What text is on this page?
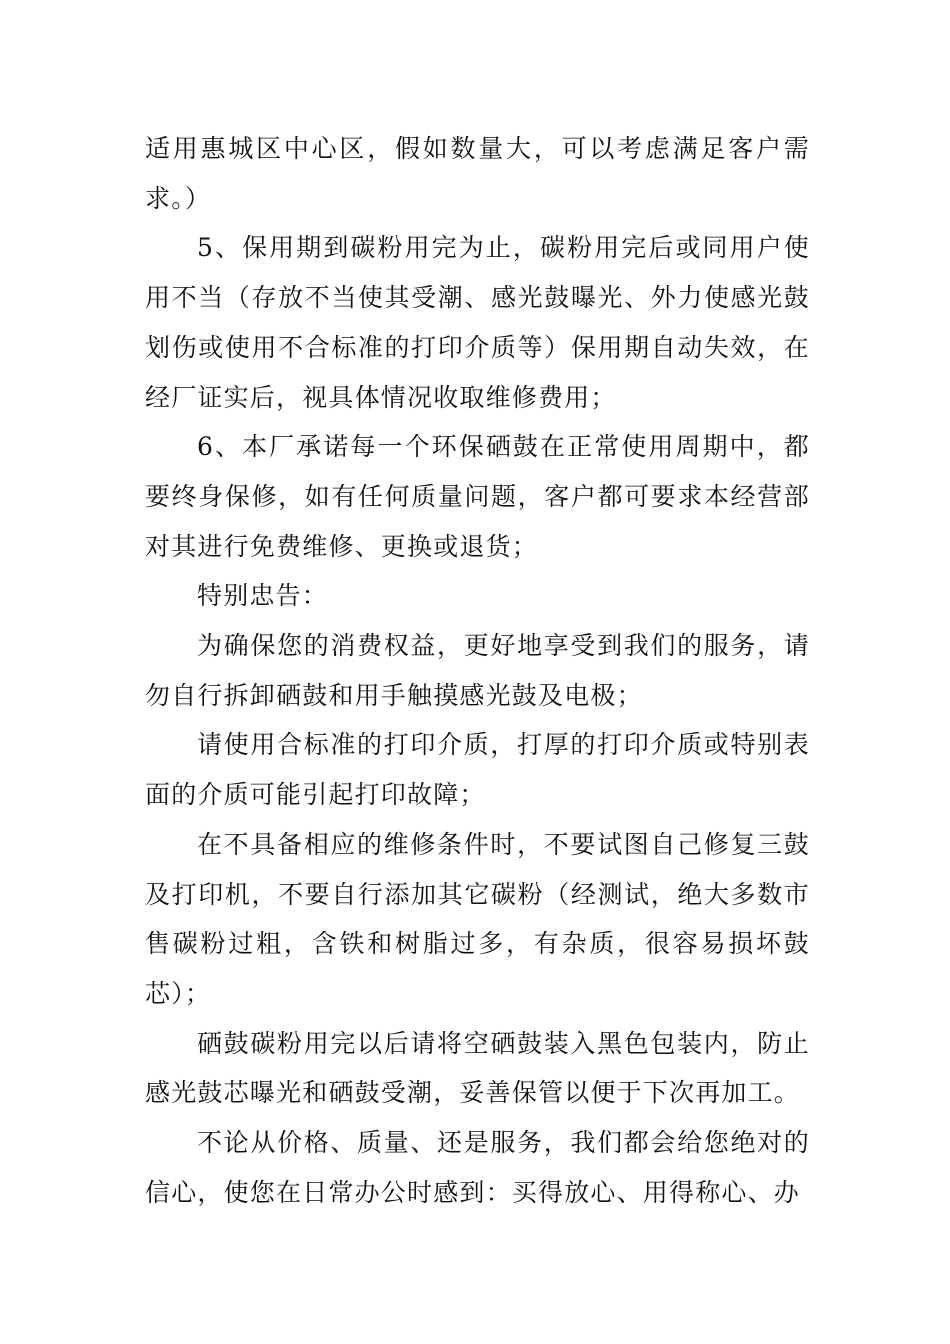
适用惠城区中心区，假如数量大，可以考虑满足客户需求。）

5、保用期到碳粉用完为止，碳粉用完后或同用户使用不当（存放不当使其受潮、感光鼓曝光、外力使感光鼓划伤或使用不合标准的打印介质等）保用期自动失效，在经厂证实后，视具体情况收取维修费用；

6、本厂承诺每一个环保硒鼓在正常使用周期中，都要终身保修，如有任何质量问题，客户都可要求本经营部对其进行免费维修、更换或退货；

特别忠告：

为确保您的消费权益，更好地享受到我们的服务，请勿自行拆卸硒鼓和用手触摸感光鼓及电极；

请使用合标准的打印介质，打厚的打印介质或特别表面的介质可能引起打印故障；

在不具备相应的维修条件时，不要试图自己修复三鼓及打印机，不要自行添加其它碳粉（经测试，绝大多数市售碳粉过粗，含铁和树脂过多，有杂质，很容易损坏鼓芯）；

硒鼓碳粉用完以后请将空硒鼓装入黑色包装内，防止感光鼓芯曝光和硒鼓受潮，妥善保管以便于下次再加工。

不论从价格、质量、还是服务，我们都会给您绝对的信心，使您在日常办公时感到：买得放心、用得称心、办
